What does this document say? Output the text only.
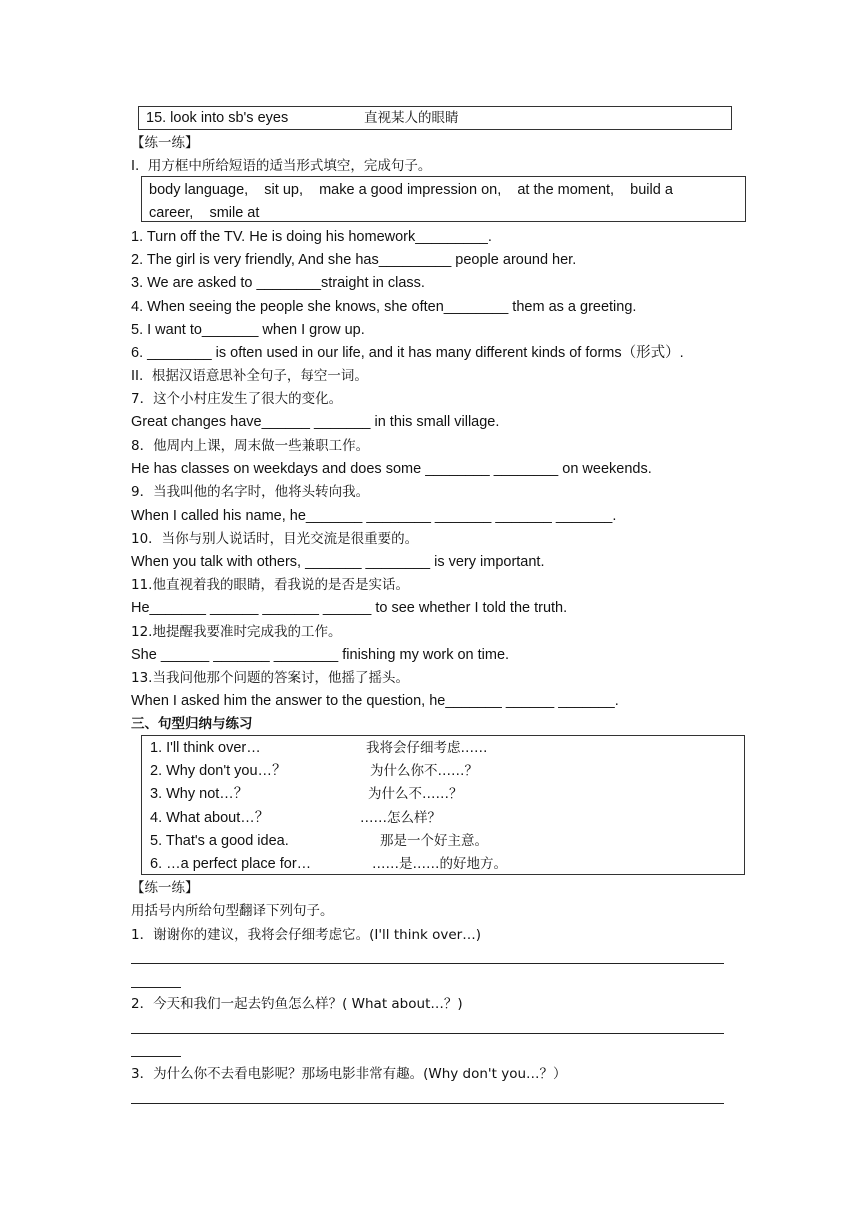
15. look into sb's eyes	直视某人的眼睛
【练一练】
I.  用方框中所给短语的适当形式填空，完成句子。
body language,    sit up,    make a good impression on,    at the moment,    build a
career,    smile at
1. Turn off the TV. He is doing his homework_________.
2. The girl is very friendly, And she has_________ people around her.
3. We are asked to ________straight in class.
4. When seeing the people she knows, she often________ them as a greeting.
5. I want to_______ when I grow up.
6. ________ is often used in our life, and it has many different kinds of forms（形式）.
II.  根据汉语意思补全句子，每空一词。
7．这个小村庄发生了很大的变化。
Great changes have______ _______ in this small village.
8．他周内上课，周末做一些兼职工作。
He has classes on weekdays and does some ________ ________ on weekends.
9．当我叫他的名字时，他将头转向我。
When I called his name, he_______ ________ _______ _______ _______.
10．当你与别人说话时，目光交流是很重要的。
When you talk with others, _______ ________ is very important.
11.他直视着我的眼睛，看我说的是否是实话。
He_______ ______ _______ ______ to see whether I told the truth.
12.地提醒我要准时完成我的工作。
She ______ _______ ________ finishing my work on time.
13.当我问他那个问题的答案讨，他摇了摇头。
When I asked him the answer to the question, he_______ ______ _______.
三、句型归纳与练习
1. I'll think over…	我将会仔细考虑……
2. Why don't you…？	为什么你不……？
3. Why not…？	为什么不……？
4. What about…？	……怎么样？
5. That's a good idea.	那是一个好主意。
6. …a perfect place for…	……是……的好地方。
【练一练】
用括号内所给句型翻译下列句子。
1．谢谢你的建议，我将会仔细考虑它。(I'll think over…)
2．今天和我们一起去钓鱼怎么样？( What about…？)
3．为什么你不去看电影呢？那场电影非常有趣。(Why don't you…？）
